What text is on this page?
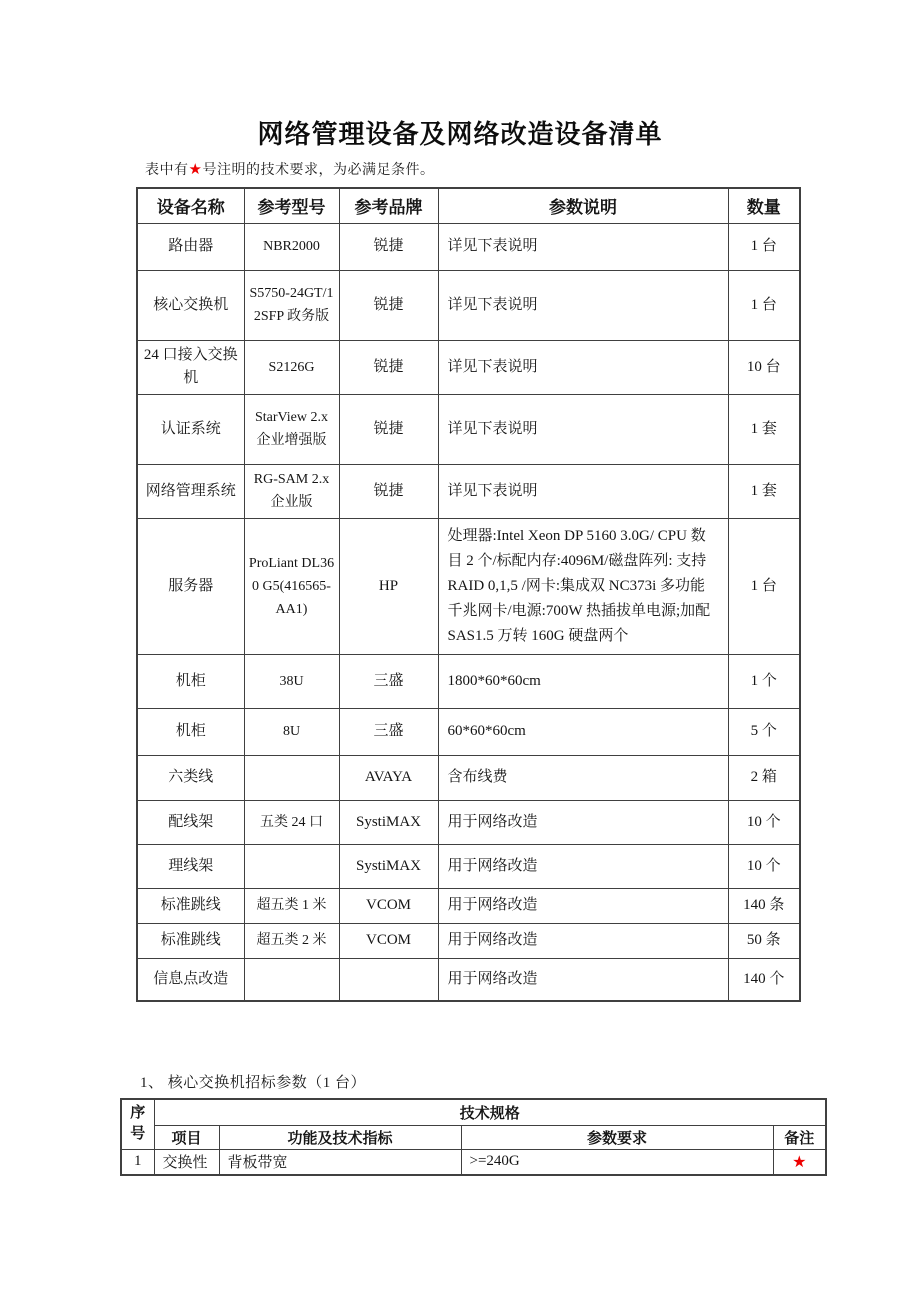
网络管理设备及网络改造设备清单
表中有★号注明的技术要求，为必满足条件。
设备名称	参考型号	参考品牌	参数说明	数量
路由器	NBR2000	锐捷	详见下表说明	1 台
核心交换机	S5750-24GT/12SFP 政务版	锐捷	详见下表说明	1 台
24 口接入交换机	S2126G	锐捷	详见下表说明	10 台
认证系统	StarView 2.x 企业增强版	锐捷	详见下表说明	1 套
网络管理系统	RG-SAM 2.x 企业版	锐捷	详见下表说明	1 套
服务器	ProLiant DL360 G5(416565-AA1)	HP	处理器:Intel Xeon DP 5160 3.0G/ CPU 数目 2 个/标配内存:4096M/磁盘阵列: 支持 RAID 0,1,5 /网卡:集成双 NC373i 多功能千兆网卡/电源:700W 热插拔单电源;加配 SAS1.5 万转 160G 硬盘两个	1 台
机柜	38U	三盛	1800*60*60cm	1 个
机柜	8U	三盛	60*60*60cm	5 个
六类线		AVAYA	含布线费	2 箱
配线架	五类 24 口	SystiMAX	用于网络改造	10 个
理线架		SystiMAX	用于网络改造	10 个
标准跳线	超五类 1 米	VCOM	用于网络改造	140 条
标准跳线	超五类 2 米	VCOM	用于网络改造	50 条
信息点改造			用于网络改造	140 个
1、 核心交换机招标参数（1 台）
序号	技术规格			
	项目	功能及技术指标	参数要求	备注
1	交换性	背板带宽	>=240G	★
